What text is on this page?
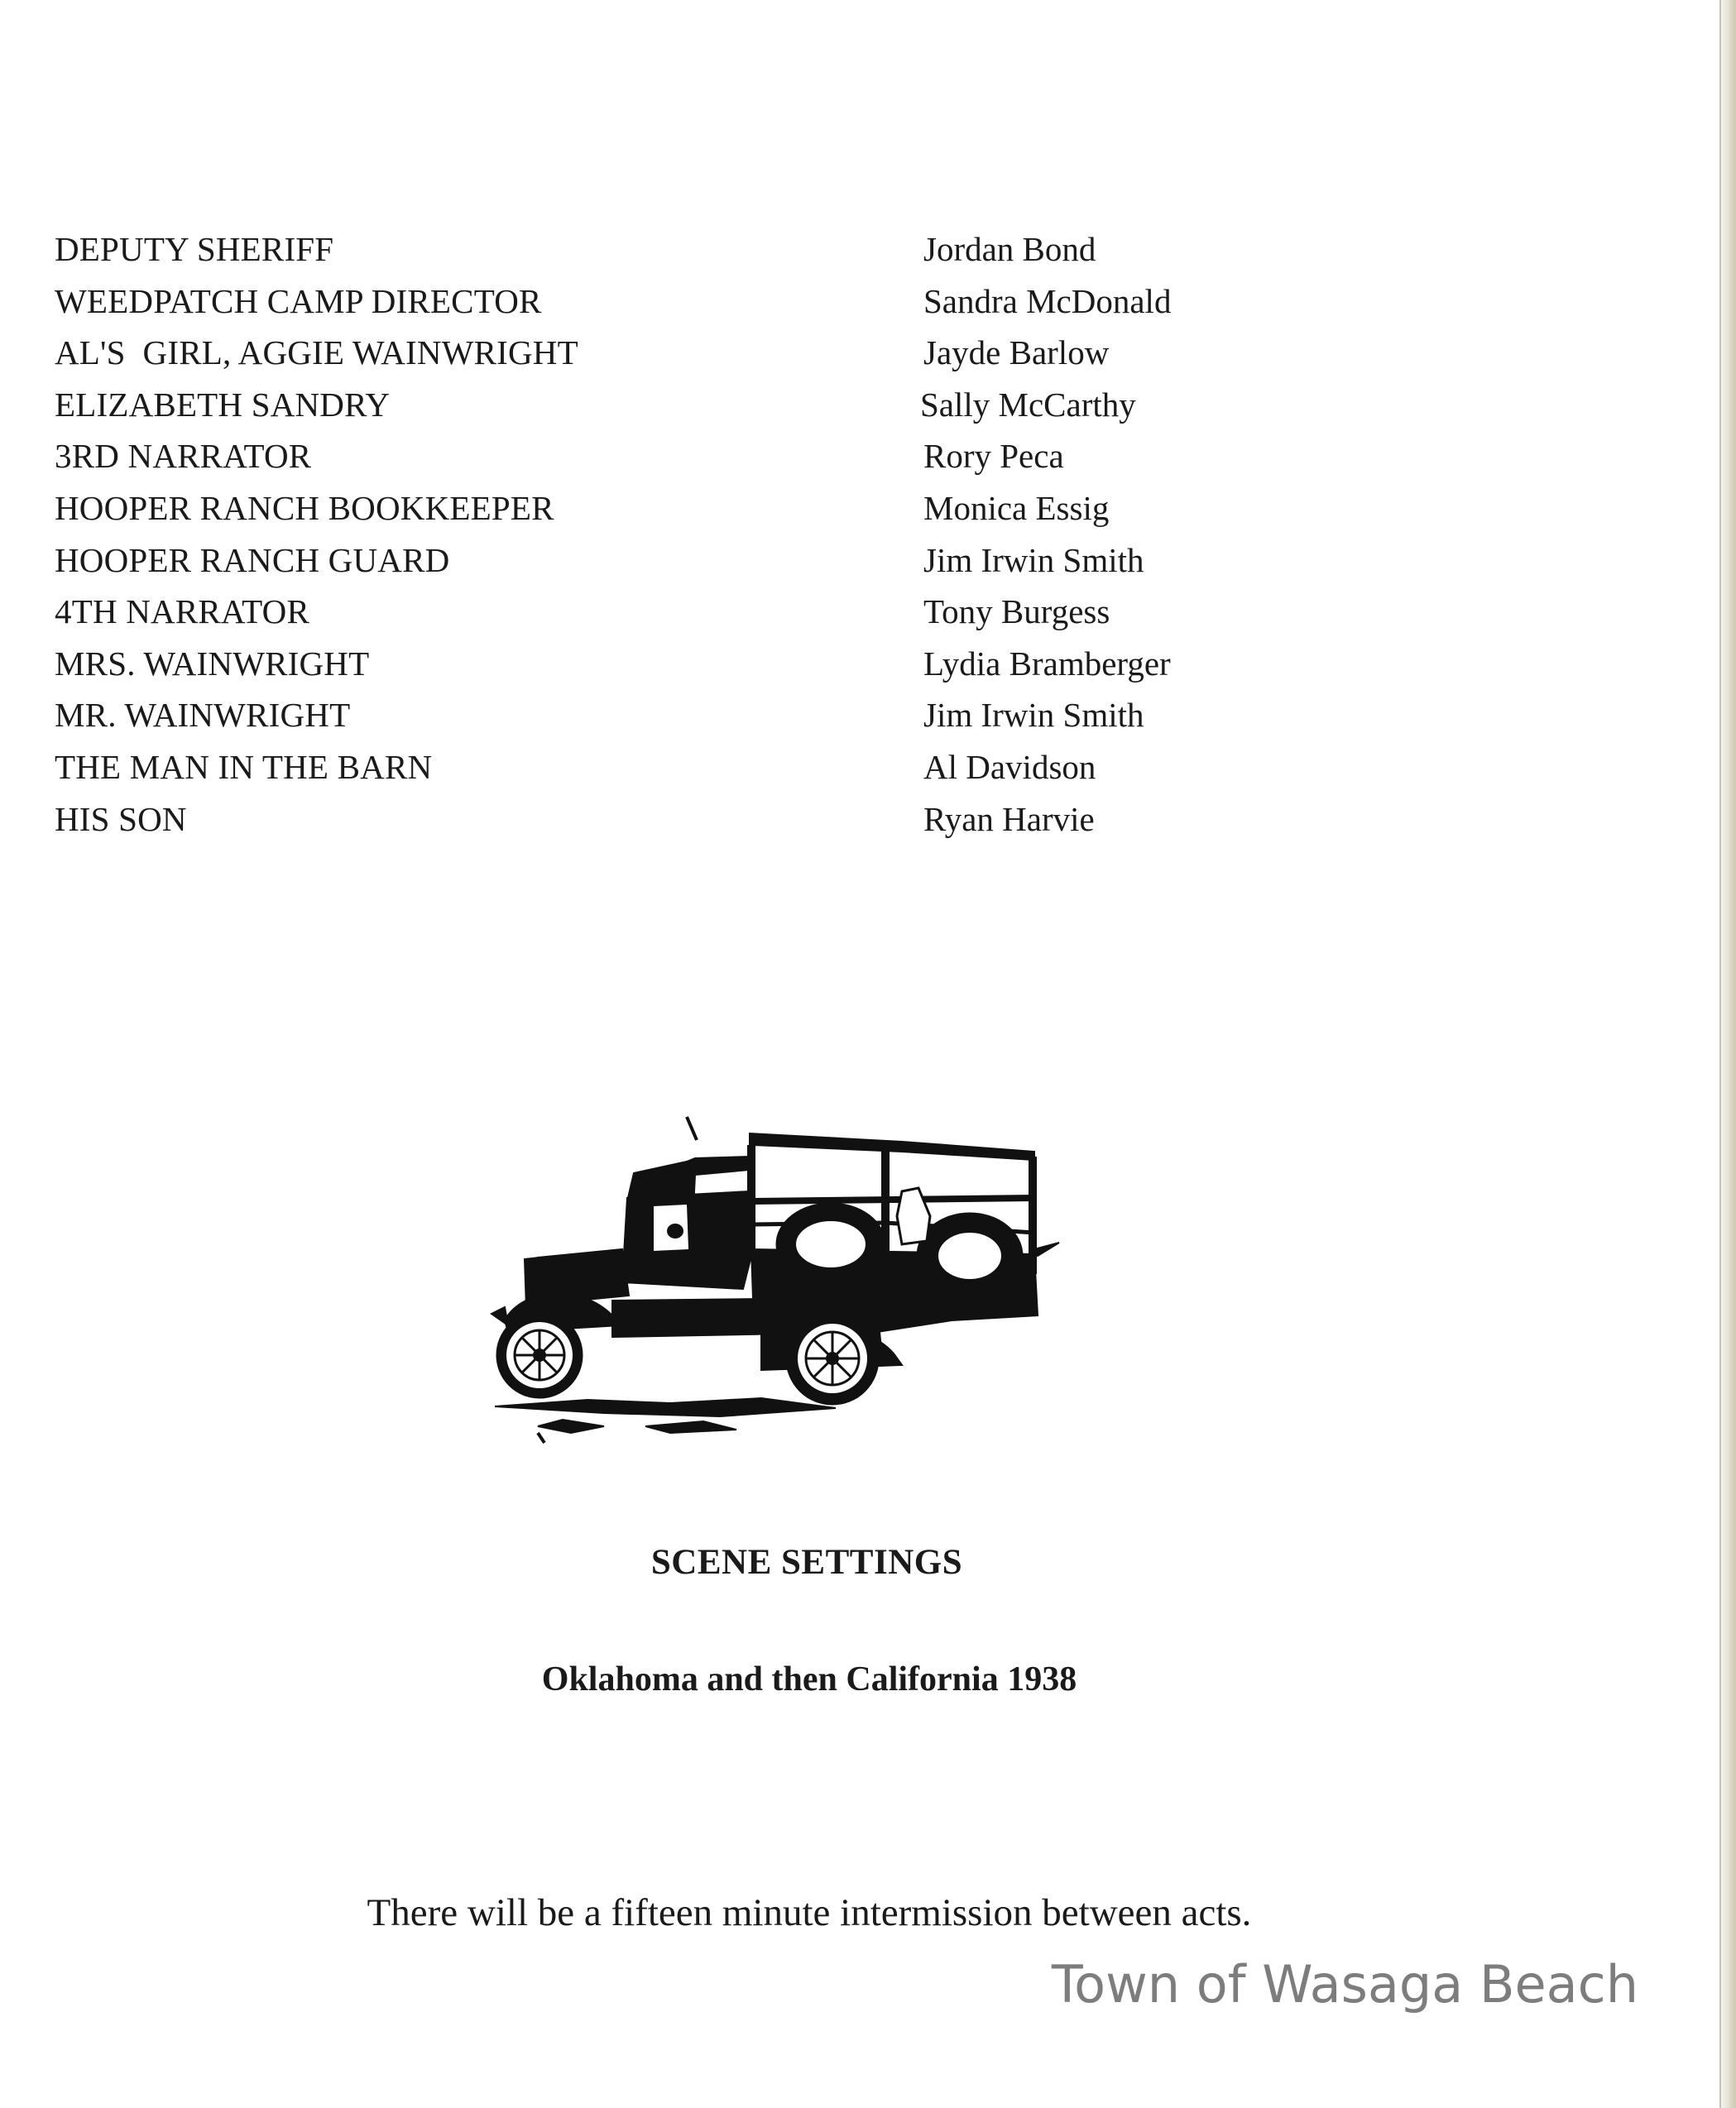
DEPUTY SHERIFF	Jordan Bond
WEEDPATCH CAMP DIRECTOR	Sandra McDonald
AL'S  GIRL, AGGIE WAINWRIGHT	Jayde Barlow
ELIZABETH SANDRY	Sally McCarthy
3RD NARRATOR	Rory Peca
HOOPER RANCH BOOKKEEPER	Monica Essig
HOOPER RANCH GUARD	Jim Irwin Smith
4TH NARRATOR	Tony Burgess
MRS. WAINWRIGHT	Lydia Bramberger
MR. WAINWRIGHT	Jim Irwin Smith
THE MAN IN THE BARN	Al Davidson
HIS SON	Ryan Harvie
SCENE SETTINGS
Oklahoma and then California 1938
There will be a fifteen minute intermission between acts.
Town of Wasaga Beach
